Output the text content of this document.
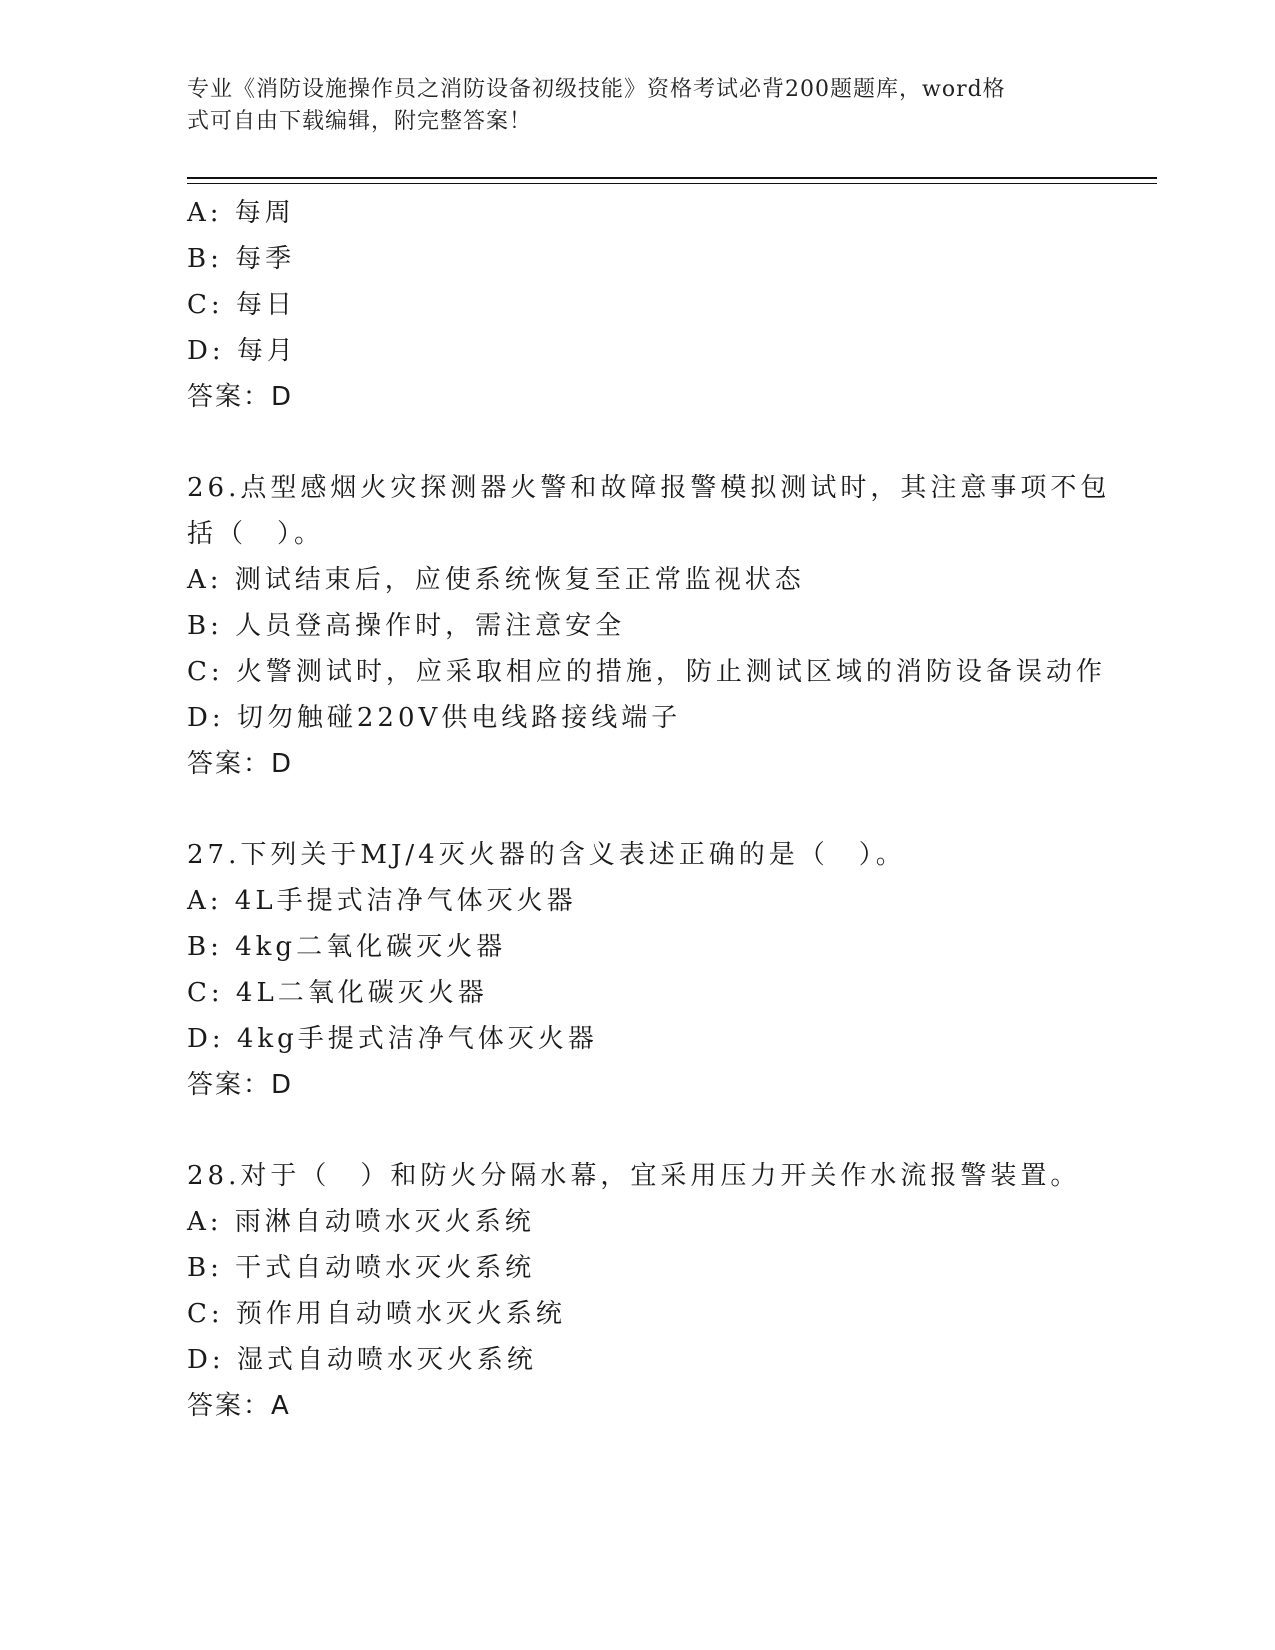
专业《消防设施操作员之消防设备初级技能》资格考试必背200题题库，word格
式可自由下载编辑，附完整答案！
A: 每周
B: 每季
C: 每日
D: 每月
答案：D
26.点型感烟火灾探测器火警和故障报警模拟测试时，其注意事项不包
括（　）。
A: 测试结束后，应使系统恢复至正常监视状态
B: 人员登高操作时，需注意安全
C: 火警测试时，应采取相应的措施，防止测试区域的消防设备误动作
D: 切勿触碰220V供电线路接线端子
答案：D
27.下列关于MJ/4灭火器的含义表述正确的是（　）。
A: 4L手提式洁净气体灭火器
B: 4kg二氧化碳灭火器
C: 4L二氧化碳灭火器
D: 4kg手提式洁净气体灭火器
答案：D
28.对于（　）和防火分隔水幕，宜采用压力开关作水流报警装置。
A: 雨淋自动喷水灭火系统
B: 干式自动喷水灭火系统
C: 预作用自动喷水灭火系统
D: 湿式自动喷水灭火系统
答案：A
